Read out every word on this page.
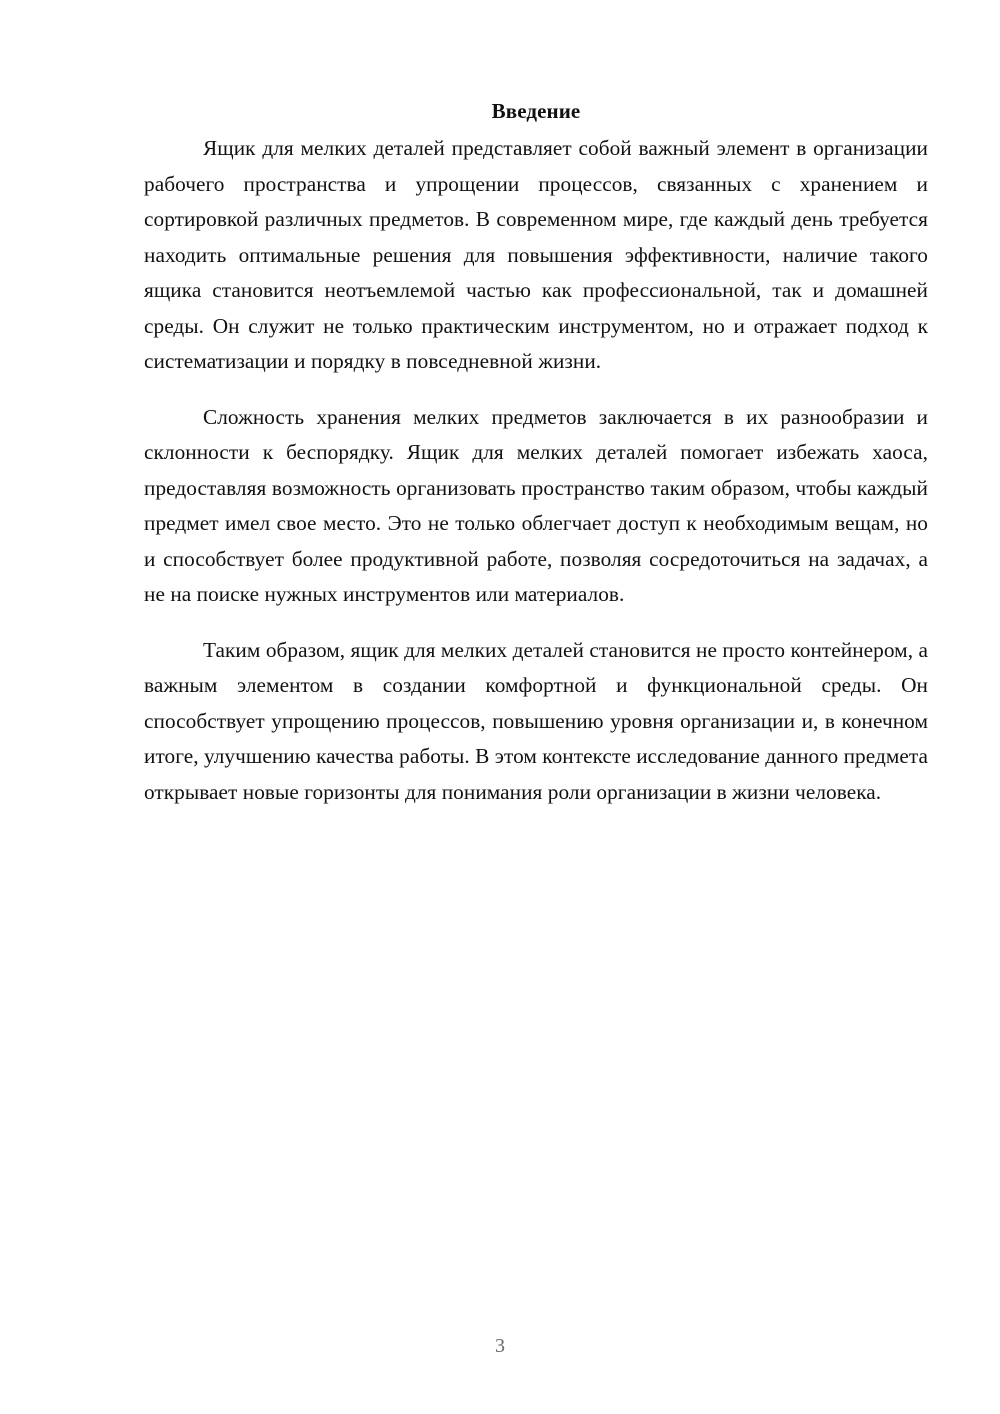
Введение

Ящик для мелких деталей представляет собой важный элемент в организации рабочего пространства и упрощении процессов, связанных с хранением и сортировкой различных предметов. В современном мире, где каждый день требуется находить оптимальные решения для повышения эффективности, наличие такого ящика становится неотъемлемой частью как профессиональной, так и домашней среды. Он служит не только практическим инструментом, но и отражает подход к систематизации и порядку в повседневной жизни.

Сложность хранения мелких предметов заключается в их разнообразии и склонности к беспорядку. Ящик для мелких деталей помогает избежать хаоса, предоставляя возможность организовать пространство таким образом, чтобы каждый предмет имел свое место. Это не только облегчает доступ к необходимым вещам, но и способствует более продуктивной работе, позволяя сосредоточиться на задачах, а не на поиске нужных инструментов или материалов.

Таким образом, ящик для мелких деталей становится не просто контейнером, а важным элементом в создании комфортной и функциональной среды. Он способствует упрощению процессов, повышению уровня организации и, в конечном итоге, улучшению качества работы. В этом контексте исследование данного предмета открывает новые горизонты для понимания роли организации в жизни человека.

3
